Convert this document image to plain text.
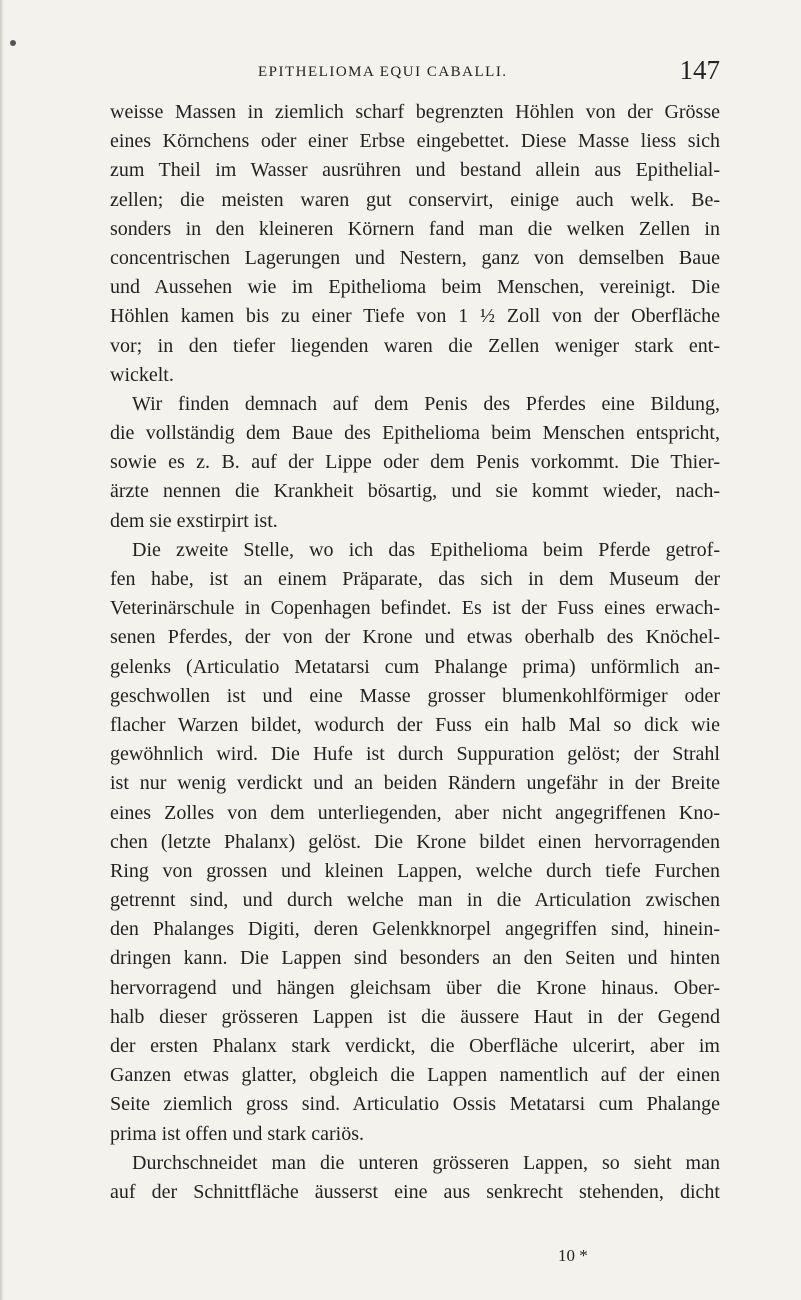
EPITHELIOMA EQUI CABALLI.	147
weisse Massen in ziemlich scharf begrenzten Höhlen von der Grösse
eines Körnchens oder einer Erbse eingebettet. Diese Masse liess sich
zum Theil im Wasser ausrühren und bestand allein aus Epithelial-
zellen; die meisten waren gut conservirt, einige auch welk. Be-
sonders in den kleineren Körnern fand man die welken Zellen in
concentrischen Lagerungen und Nestern, ganz von demselben Baue
und Aussehen wie im Epithelioma beim Menschen, vereinigt. Die
Höhlen kamen bis zu einer Tiefe von 1 ½ Zoll von der Oberfläche
vor; in den tiefer liegenden waren die Zellen weniger stark ent-
wickelt.
Wir finden demnach auf dem Penis des Pferdes eine Bildung,
die vollständig dem Baue des Epithelioma beim Menschen entspricht,
sowie es z. B. auf der Lippe oder dem Penis vorkommt. Die Thier-
ärzte nennen die Krankheit bösartig, und sie kommt wieder, nach-
dem sie exstirpirt ist.
Die zweite Stelle, wo ich das Epithelioma beim Pferde getrof-
fen habe, ist an einem Präparate, das sich in dem Museum der
Veterinärschule in Copenhagen befindet. Es ist der Fuss eines erwach-
senen Pferdes, der von der Krone und etwas oberhalb des Knöchel-
gelenks (Articulatio Metatarsi cum Phalange prima) unförmlich an-
geschwollen ist und eine Masse grosser blumenkohlförmiger oder
flacher Warzen bildet, wodurch der Fuss ein halb Mal so dick wie
gewöhnlich wird. Die Hufe ist durch Suppuration gelöst; der Strahl
ist nur wenig verdickt und an beiden Rändern ungefähr in der Breite
eines Zolles von dem unterliegenden, aber nicht angegriffenen Kno-
chen (letzte Phalanx) gelöst. Die Krone bildet einen hervorragenden
Ring von grossen und kleinen Lappen, welche durch tiefe Furchen
getrennt sind, und durch welche man in die Articulation zwischen
den Phalanges Digiti, deren Gelenkknorpel angegriffen sind, hinein-
dringen kann. Die Lappen sind besonders an den Seiten und hinten
hervorragend und hängen gleichsam über die Krone hinaus. Ober-
halb dieser grösseren Lappen ist die äussere Haut in der Gegend
der ersten Phalanx stark verdickt, die Oberfläche ulcerirt, aber im
Ganzen etwas glatter, obgleich die Lappen namentlich auf der einen
Seite ziemlich gross sind. Articulatio Ossis Metatarsi cum Phalange
prima ist offen und stark cariös.
Durchschneidet man die unteren grösseren Lappen, so sieht man
auf der Schnittfläche äusserst eine aus senkrecht stehenden, dicht
10 *
